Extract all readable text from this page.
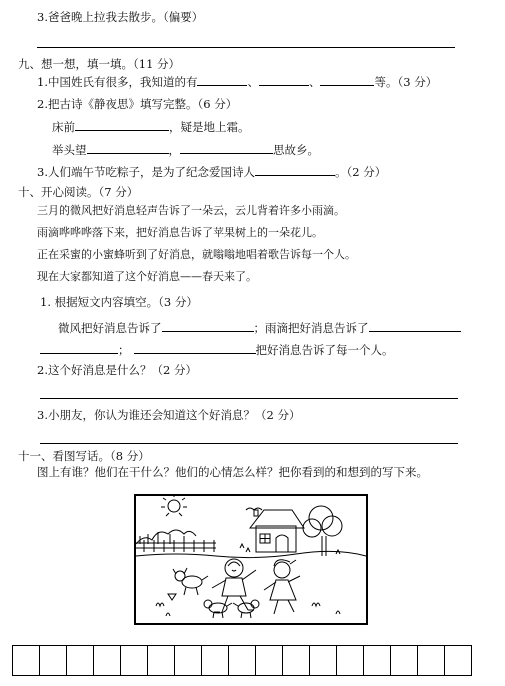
3.爸爸晚上拉我去散步。（偏要）
九、想一想，填一填。（11 分）
1.中国姓氏有很多，我知道的有	、	、	等。（3 分）
2.把古诗《静夜思》填写完整。（6 分）
床前	，疑是地上霜。
举头望	，	思故乡。
3.人们端午节吃粽子，是为了纪念爱国诗人	。（2 分）
十、开心阅读。（7 分）
三月的微风把好消息轻声告诉了一朵云，云儿背着许多小雨滴。
雨滴哗哗哗落下来，把好消息告诉了苹果树上的一朵花儿。
正在采蜜的小蜜蜂听到了好消息，就嗡嗡地唱着歌告诉每一个人。
现在大家都知道了这个好消息——春天来了。
1. 根据短文内容填空。（3 分）
微风把好消息告诉了	；雨滴把好消息告诉了
；	把好消息告诉了每一个人。
2.这个好消息是什么？（2 分）
3.小朋友，你认为谁还会知道这个好消息？（2 分）
十一、看图写话。（8 分）
图上有谁？他们在干什么？他们的心情怎么样？把你看到的和想到的写下来。
